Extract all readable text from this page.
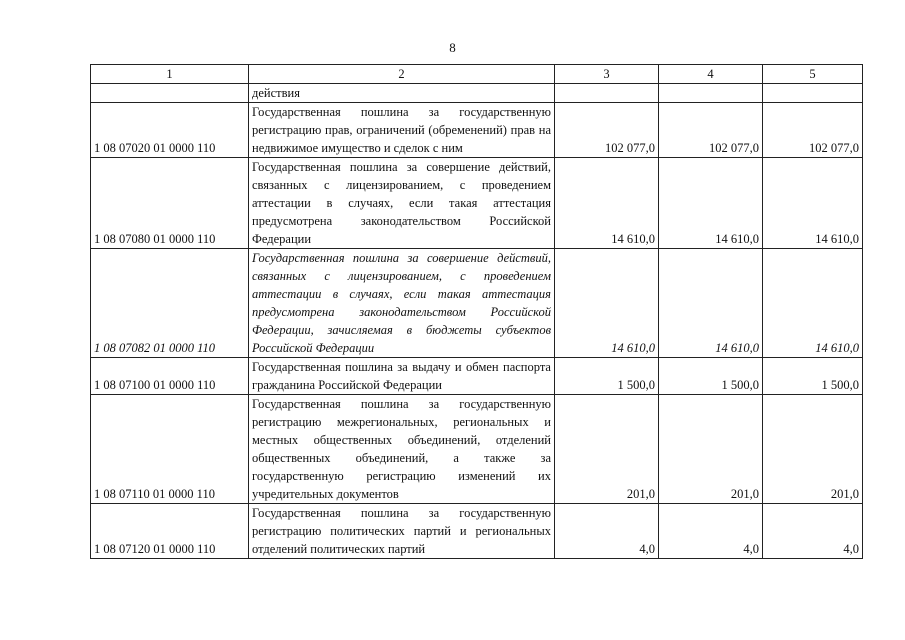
8
1	2	3	4	5
	действия			
1 08 07020 01 0000 110	Государственная пошлина за государственную регистрацию прав, ограничений (обременений) прав на недвижимое имущество и сделок с ним	102 077,0	102 077,0	102 077,0
1 08 07080 01 0000 110	Государственная пошлина за совершение действий, связанных с лицензированием, с проведением аттестации в случаях, если такая аттестация предусмотрена законодательством Российской Федерации	14 610,0	14 610,0	14 610,0
1 08 07082 01 0000 110	Государственная пошлина за совершение действий, связанных с лицензированием, с проведением аттестации в случаях, если такая аттестация предусмотрена законодательством Российской Федерации, зачисляемая в бюджеты субъектов Российской Федерации	14 610,0	14 610,0	14 610,0
1 08 07100 01 0000 110	Государственная пошлина за выдачу и обмен паспорта гражданина Российской Федерации	1 500,0	1 500,0	1 500,0
1 08 07110 01 0000 110	Государственная пошлина за государственную регистрацию межрегиональных, региональных и местных общественных объединений, отделений общественных объединений, а также за государственную регистрацию изменений их учредительных документов	201,0	201,0	201,0
1 08 07120 01 0000 110	Государственная пошлина за государственную регистрацию политических партий и региональных отделений политических партий	4,0	4,0	4,0
